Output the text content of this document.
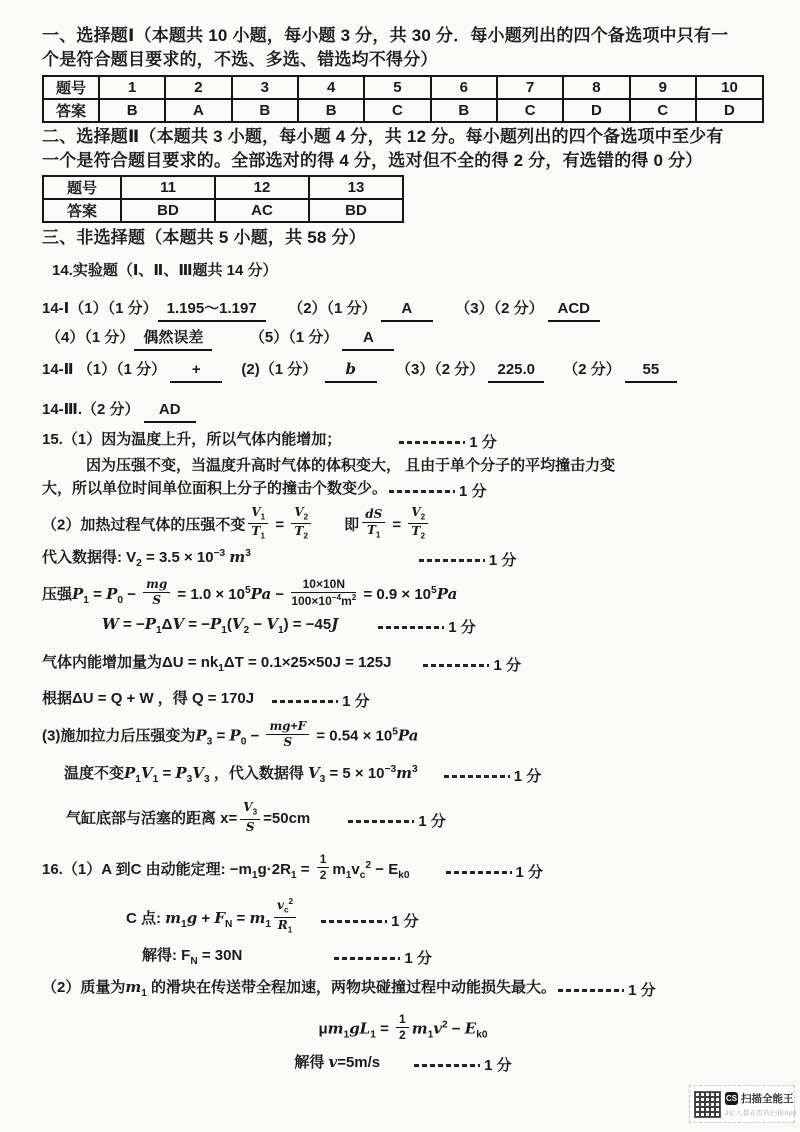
一、选择题Ⅰ（本题共 10 小题，每小题 3 分，共 30 分．每小题列出的四个备选项中只有一
个是符合题目要求的，不选、多选、错选均不得分）
题号	1	2	3	4	5	6	7	8	9	10
答案	B	A	B	B	C	B	C	D	C	D
二、选择题Ⅱ（本题共 3 小题，每小题 4 分，共 12 分。每小题列出的四个备选项中至少有
一个是符合题目要求的。全部选对的得 4 分，选对但不全的得 2 分，有选错的得 0 分）
题号	11	12	13
答案	BD	AC	BD
三、非选择题（本题共 5 小题，共 58 分）
14.实验题（Ⅰ、Ⅱ、Ⅲ题共 14 分）
14-Ⅰ（1）（1 分） 1.195～1.197　　（2）（1 分） A　　（3）（2 分） ACD
（4）（1 分） 偶然误差　　　（5）（1 分） A
14-Ⅱ （1）（1 分） +　 (2)（1 分）　b　 （3）（2 分） 225.0　 （2 分） 55
14-Ⅲ.（2 分） AD
15.（1）因为温度上升，所以气体内能增加；	1 分
因为压强不变，当温度升高时气体的体积变大， 且由于单个分子的平均撞击力变
大，所以单位时间单位面积上分子的撞击个数变少。	1 分
（2）加热过程气体的压强不变 $\frac{V_1}{T_1} = \frac{V_2}{T_2}$ 　　即 $\frac{dS}{T_1} = \frac{V_2}{T_2}$
代入数据得: $V_2 = 3.5 \times 10^{-3}$ $m^3$	1 分
压强$P_1 = P_0 - \frac{mg}{S} = 1.0 \times 10^5Pa - \frac{10\times 10N}{100\times 10^{-4}m^2} = 0.9 \times 10^5Pa$
$W = -P_1\Delta V = -P_1(V_2 - V_1) = -45J$	1 分
气体内能增加量为$\Delta U = nk_1\Delta T = 0.1\times 25\times 50J = 125J$	1 分
根据ΔU = Q + W ，得 Q = 170J	1 分
(3)施加拉力后压强变为$P_3 = P_0 - \frac{mg+F}{S} = 0.54 \times 10^5Pa$
温度不变$P_1V_1 = P_3V_3$ ，代入数据得 $V_3 = 5 \times 10^{-3}m^3$	1 分
气缸底部与活塞的距离 $x= \frac{V_3}{S} =50cm$	1 分
16.（1）A 到C 由动能定理: $-m_1g\cdot 2R_1 = \frac{1}{2} m_1v_c^2 - E_{k0}$	1 分
C 点: $m_1g + F_N = m_1 \frac{v_c^2}{R_1}$	1 分
解得: $F_N = 30N$	1 分
（2）质量为$m_1$ 的滑块在传送带全程加速，两物块碰撞过程中动能损失最大。	1 分
$\mu m_1gL_1 = \frac{1}{2} m_1v^2 - E_{k0}$
解得 v=5m/s	1 分
CS 扫描全能王
3亿人都在用的扫描App
